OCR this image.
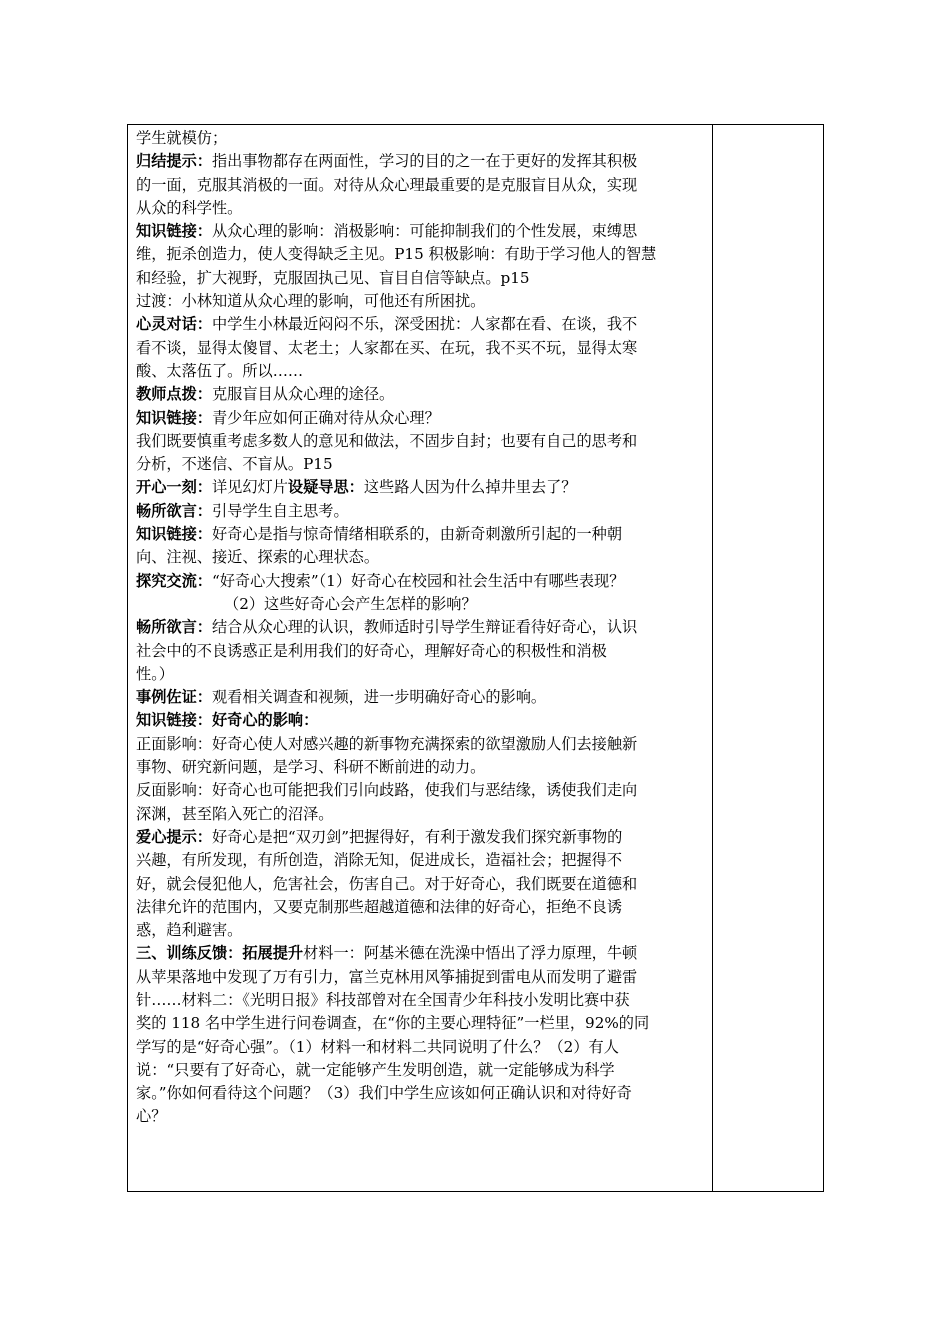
学生就模仿；
归结提示：指出事物都存在两面性，学习的目的之一在于更好的发挥其积极
的一面，克服其消极的一面。对待从众心理最重要的是克服盲目从众，实现
从众的科学性。
知识链接：从众心理的影响：消极影响：可能抑制我们的个性发展，束缚思
维，扼杀创造力，使人变得缺乏主见。P15 积极影响：有助于学习他人的智慧
和经验，扩大视野，克服固执己见、盲目自信等缺点。p15
过渡：小林知道从众心理的影响，可他还有所困扰。
心灵对话：中学生小林最近闷闷不乐，深受困扰：人家都在看、在谈，我不
看不谈，显得太傻冒、太老土；人家都在买、在玩，我不买不玩，显得太寒
酸、太落伍了。所以……
教师点拨：克服盲目从众心理的途径。
知识链接：青少年应如何正确对待从众心理？
我们既要慎重考虑多数人的意见和做法，不固步自封；也要有自己的思考和
分析，不迷信、不盲从。P15
开心一刻：详见幻灯片设疑导思：这些路人因为什么掉井里去了？
畅所欲言：引导学生自主思考。
知识链接：好奇心是指与惊奇情绪相联系的，由新奇刺激所引起的一种朝
向、注视、接近、探索的心理状态。
探究交流：“好奇心大搜索”（1）好奇心在校园和社会生活中有哪些表现？
（2）这些好奇心会产生怎样的影响？
畅所欲言：结合从众心理的认识，教师适时引导学生辩证看待好奇心，认识
社会中的不良诱惑正是利用我们的好奇心，理解好奇心的积极性和消极
性。）
事例佐证：观看相关调查和视频，进一步明确好奇心的影响。
知识链接：好奇心的影响：
正面影响：好奇心使人对感兴趣的新事物充满探索的欲望激励人们去接触新
事物、研究新问题，是学习、科研不断前进的动力。
反面影响：好奇心也可能把我们引向歧路，使我们与恶结缘，诱使我们走向
深渊，甚至陷入死亡的沼泽。
爱心提示：好奇心是把“双刃剑”把握得好，有利于激发我们探究新事物的
兴趣，有所发现，有所创造，消除无知，促进成长，造福社会；把握得不
好，就会侵犯他人，危害社会，伤害自己。对于好奇心，我们既要在道德和
法律允许的范围内，又要克制那些超越道德和法律的好奇心，拒绝不良诱
惑，趋利避害。
三、训练反馈：拓展提升材料一：阿基米德在洗澡中悟出了浮力原理，牛顿
从苹果落地中发现了万有引力，富兰克林用风筝捕捉到雷电从而发明了避雷
针……材料二：《光明日报》科技部曾对在全国青少年科技小发明比赛中获
奖的 118 名中学生进行问卷调查，在“你的主要心理特征”一栏里，92%的同
学写的是“好奇心强”。（1）材料一和材料二共同说明了什么？（2）有人
说：“只要有了好奇心，就一定能够产生发明创造，就一定能够成为科学
家。”你如何看待这个问题？（3）我们中学生应该如何正确认识和对待好奇
心？
